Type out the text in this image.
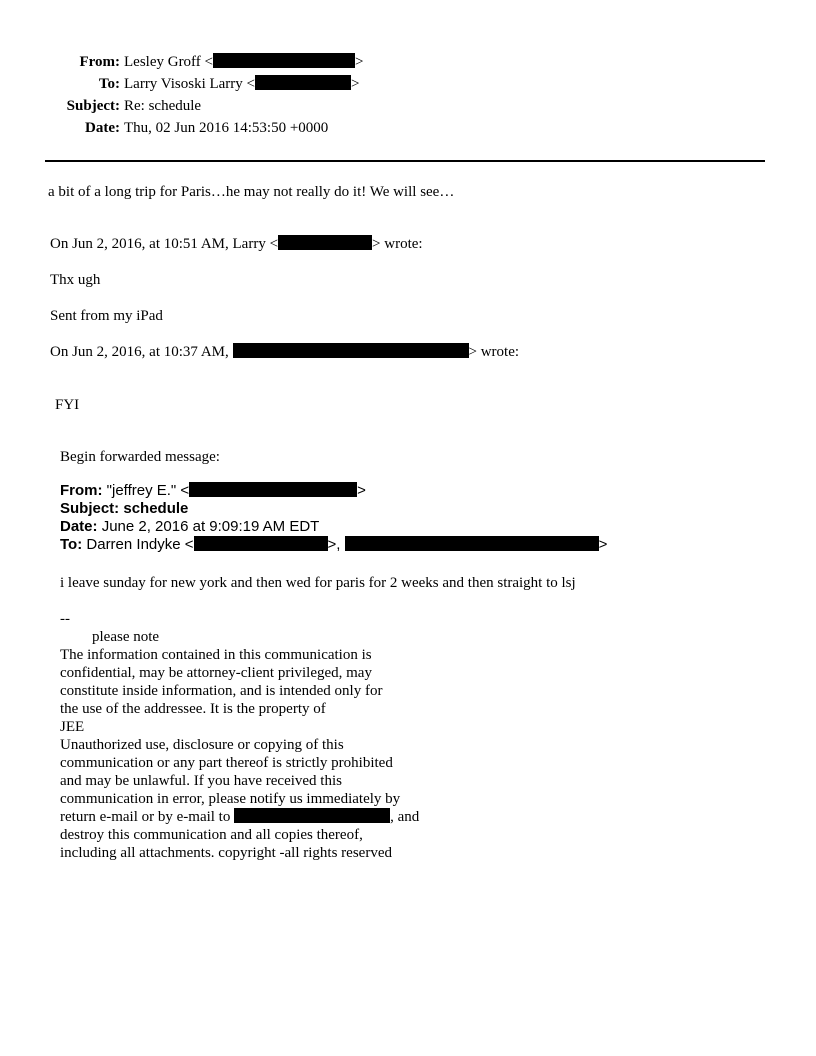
From: Lesley Groff <	>
To: Larry Visoski Larry <	>
Subject: Re: schedule
Date: Thu, 02 Jun 2016 14:53:50 +0000
a bit of a long trip for Paris…he may not really do it! We will see…
On Jun 2, 2016, at 10:51 AM, Larry <	> wrote:
Thx ugh
Sent from my iPad
On Jun 2, 2016, at 10:37 AM,	> wrote:
FYI
Begin forwarded message:
From: "jeffrey E." <	>
Subject: schedule
Date: June 2, 2016 at 9:09:19 AM EDT
To: Darren Indyke <	>,	>
i leave sunday for new york and then wed for paris for 2 weeks and then straight to lsj
--
please note
The information contained in this communication is
confidential, may be attorney-client privileged, may
constitute inside information, and is intended only for
the use of the addressee. It is the property of
JEE
Unauthorized use, disclosure or copying of this
communication or any part thereof is strictly prohibited
and may be unlawful. If you have received this
communication in error, please notify us immediately by
return e-mail or by e-mail to	, and
destroy this communication and all copies thereof,
including all attachments. copyright -all rights reserved
